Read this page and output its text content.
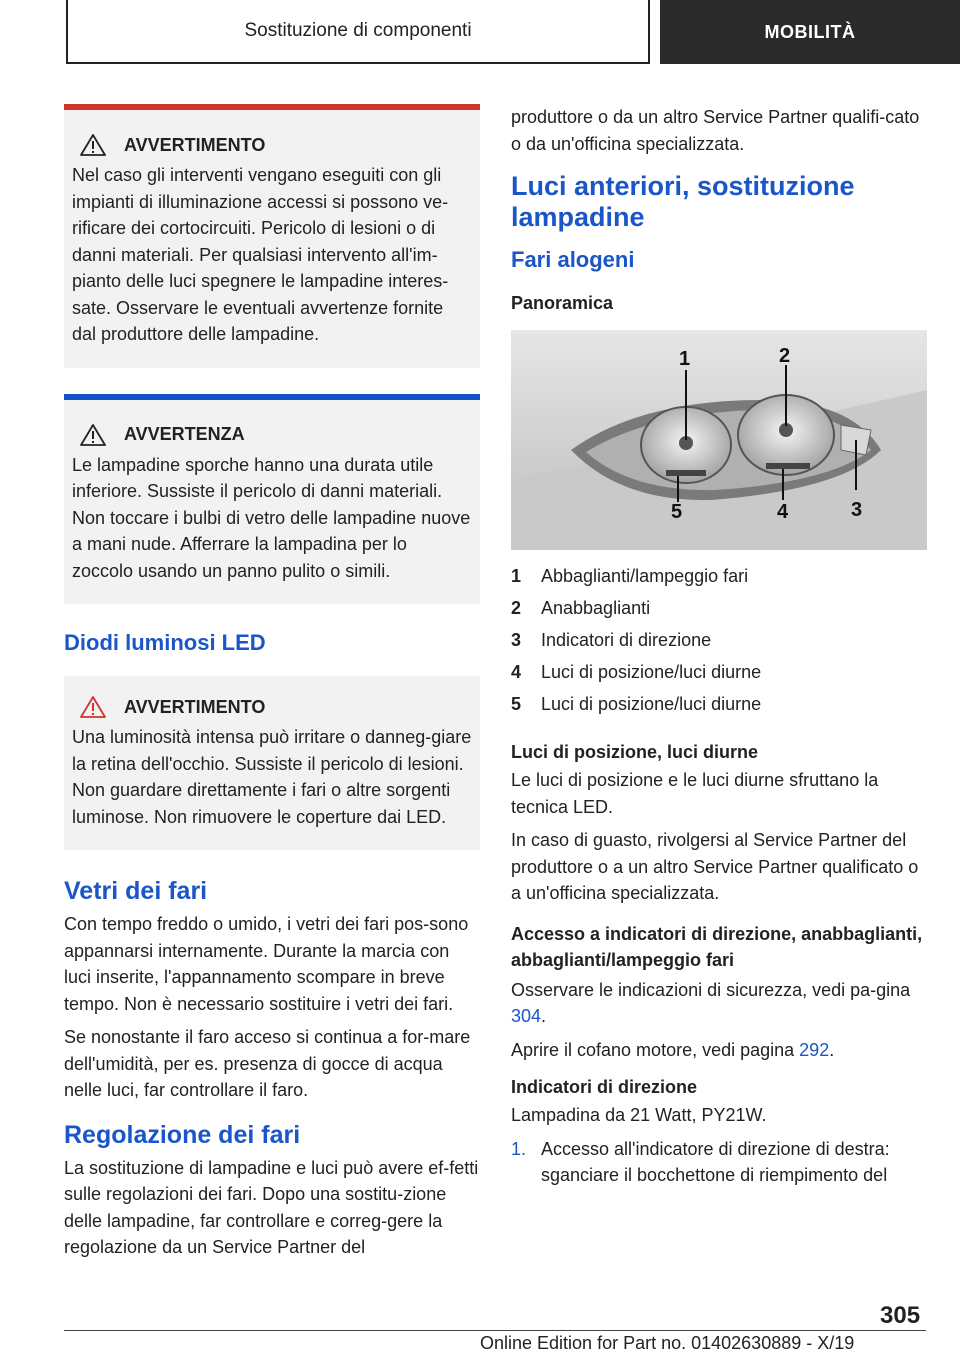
Sostituzione di componenti	MOBILITÀ
AVVERTIMENTO

Nel caso gli interventi vengano eseguiti con gli impianti di illuminazione accessi si possono ve-rificare dei cortocircuiti. Pericolo di lesioni o di danni materiali. Per qualsiasi intervento all'im-pianto delle luci spegnere le lampadine interes-sate. Osservare le eventuali avvertenze fornite dal produttore delle lampadine.

AVVERTENZA

Le lampadine sporche hanno una durata utile inferiore. Sussiste il pericolo di danni materiali. Non toccare i bulbi di vetro delle lampadine nuove a mani nude. Afferrare la lampadina per lo zoccolo usando un panno pulito o simili.

Diodi luminosi LED
AVVERTIMENTO

Una luminosità intensa può irritare o danneg-giare la retina dell'occhio. Sussiste il pericolo di lesioni. Non guardare direttamente i fari o altre sorgenti luminose. Non rimuovere le coperture dai LED.

Vetri dei fari

Con tempo freddo o umido, i vetri dei fari pos-sono appannarsi internamente. Durante la marcia con luci inserite, l'appannamento scompare in breve tempo. Non è necessario sostituire i vetri dei fari.

Se nonostante il faro acceso si continua a for-mare dell'umidità, per es. presenza di gocce di acqua nelle luci, far controllare il faro.

Regolazione dei fari

La sostituzione di lampadine e luci può avere ef-fetti sulle regolazioni dei fari. Dopo una sostitu-zione delle lampadine, far controllare e correg-gere la regolazione da un Service Partner del

produttore o da un altro Service Partner qualifi-cato o da un'officina specializzata.

Luci anteriori, sostituzione lampadine
Fari alogeni
Panoramica
1	2
3
4
5
1	Abbaglianti/lampeggio fari
2	Anabbaglianti
3	Indicatori di direzione
4	Luci di posizione/luci diurne
5	Luci di posizione/luci diurne
Luci di posizione, luci diurne

Le luci di posizione e le luci diurne sfruttano la tecnica LED.

In caso di guasto, rivolgersi al Service Partner del produttore o a un altro Service Partner qualificato o a un'officina specializzata.

Accesso a indicatori di direzione, anabbaglianti, abbaglianti/lampeggio fari

Osservare le indicazioni di sicurezza, vedi pa-gina 304.

Aprire il cofano motore, vedi pagina 292.

Indicatori di direzione

Lampadina da 21 Watt, PY21W.

1. Accesso all'indicatore di direzione di destra: sganciare il bocchettone di riempimento del
305
Online Edition for Part no. 01402630889 - X/19
